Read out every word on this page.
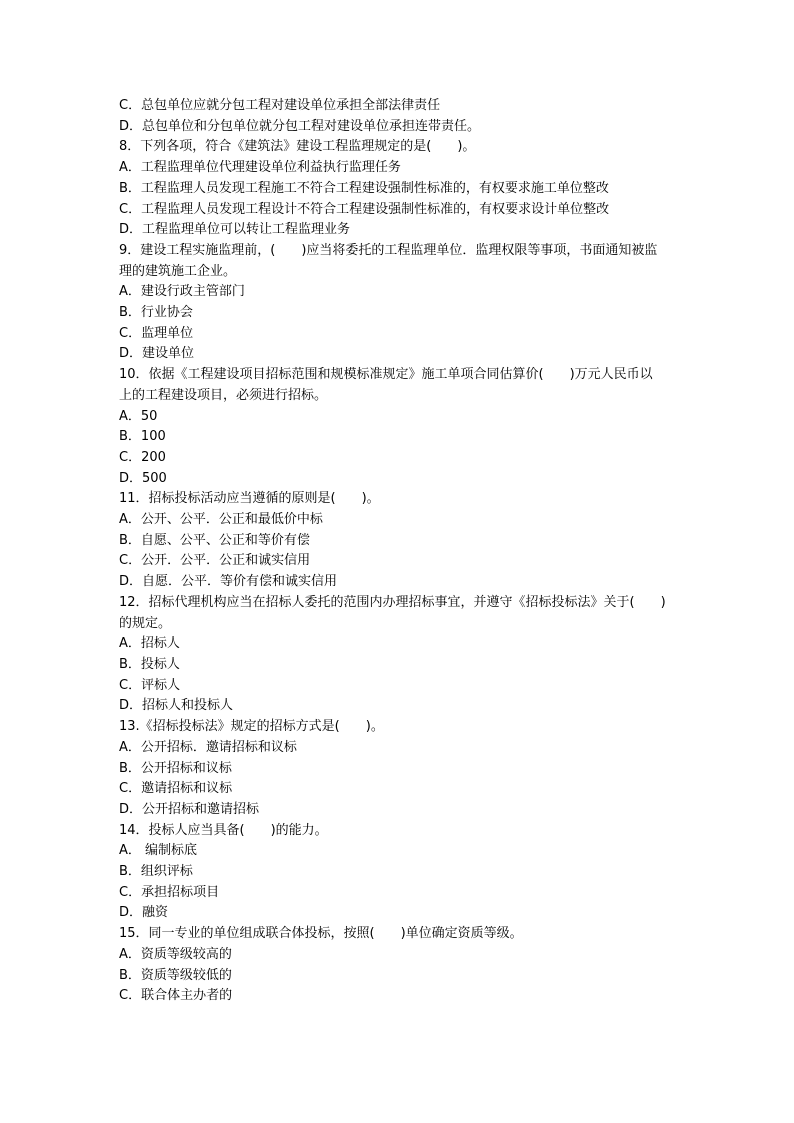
C．总包单位应就分包工程对建设单位承担全部法律责任

D．总包单位和分包单位就分包工程对建设单位承担连带责任。

8．下列各项，符合《建筑法》建设工程监理规定的是(　　)。

A．工程监理单位代理建设单位利益执行监理任务

B．工程监理人员发现工程施工不符合工程建设强制性标准的，有权要求施工单位整改

C．工程监理人员发现工程设计不符合工程建设强制性标准的，有权要求设计单位整改

D．工程监理单位可以转让工程监理业务

9．建设工程实施监理前，(　　)应当将委托的工程监理单位．监理权限等事项，书面通知被监

理的建筑施工企业。

A．建设行政主管部门

B．行业协会

C．监理单位

D．建设单位

10．依据《工程建设项目招标范围和规模标准规定》施工单项合同估算价(　　)万元人民币以

上的工程建设项目，必须进行招标。

A．50

B．100

C．200

D．500

11．招标投标活动应当遵循的原则是(　　)。

A．公开、公平．公正和最低价中标

B．自愿、公平、公正和等价有偿

C．公开．公平．公正和诚实信用

D．自愿．公平．等价有偿和诚实信用

12．招标代理机构应当在招标人委托的范围内办理招标事宜，并遵守《招标投标法》关于(　　)

的规定。

A．招标人

B．投标人

C．评标人

D．招标人和投标人

13.《招标投标法》规定的招标方式是(　　)。

A．公开招标．邀请招标和议标

B．公开招标和议标

C．邀请招标和议标

D．公开招标和邀请招标

14．投标人应当具备(　　)的能力。

A． 编制标底

B．组织评标

C．承担招标项目

D．融资

15．同一专业的单位组成联合体投标，按照(　　)单位确定资质等级。

A．资质等级较高的

B．资质等级较低的

C．联合体主办者的
